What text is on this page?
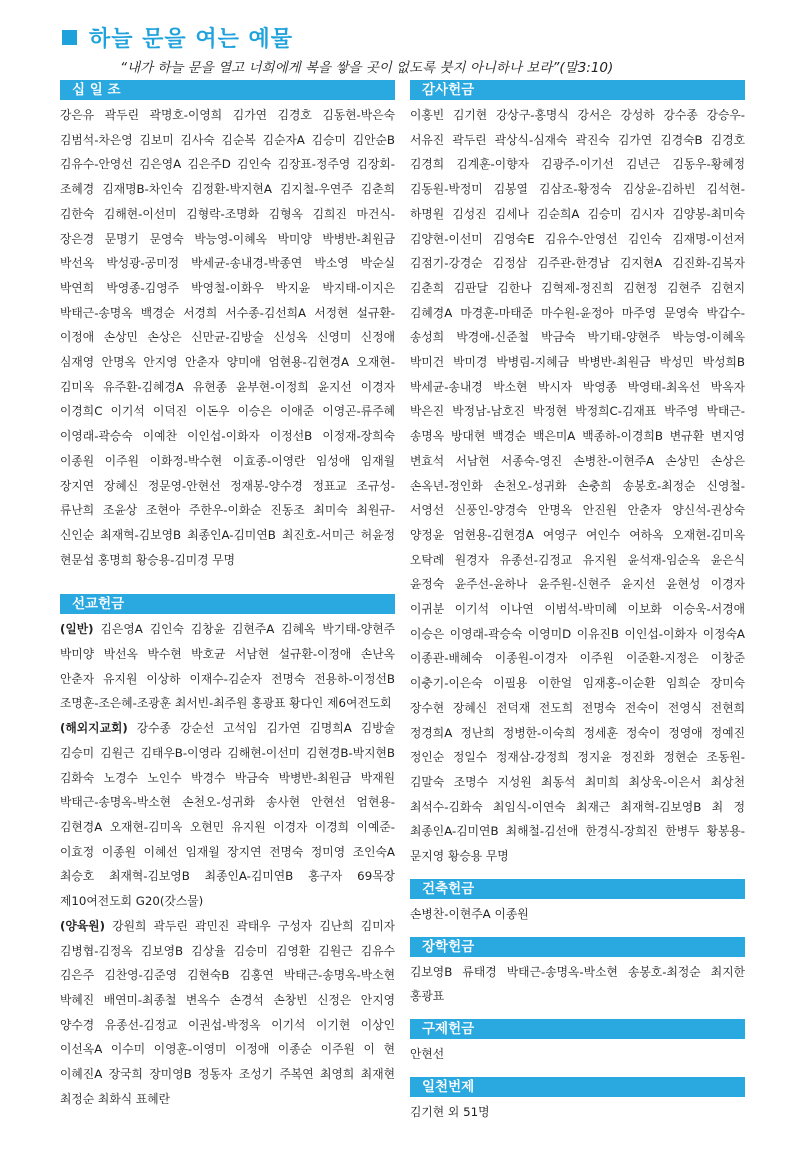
하늘 문을 여는 예물
“내가 하늘 문을 열고 너희에게 복을 쌓을 곳이 없도록 붓지 아니하나 보라”(말3:10)
십 일 조

강은유 곽두린 곽명호-이영희 김가연 김경호 김동현-박은숙 김범석-차은영 김보미 김사숙 김순복 김순자A 김승미 김안순B 김유수-안영선 김은영A 김은주D 김인숙 김장표-정주영 김장회-조혜경 김재명B-차인숙 김정환-박지현A 김지철-우연주 김춘희 김한숙 김해현-이선미 김형락-조명화 김형옥 김희진 마건식-장은경 문명기 문영숙 박능영-이혜옥 박미양 박병반-최원금 박선옥 박성광-공미정 박세균-송내경-박종연 박소영 박순실 박연희 박영종-김영주 박영철-이화우 박지윤 박지태-이지은 박태근-송명옥 백경순 서경희 서수종-김선희A 서정현 설규환-이정애 손상민 손상은 신만균-김방술 신성옥 신영미 신정애 심재영 안명옥 안지영 안춘자 양미애 엄현용-김현경A 오재현-김미옥 유주환-김혜경A 유현종 윤부현-이정희 윤지선 이경자 이경희C 이기석 이덕진 이돈우 이승은 이애준 이영곤-류주혜 이영래-곽승숙 이예찬 이인섭-이화자 이정선B 이정재-장희숙 이종원 이주원 이화정-박수현 이효종-이영란 임성애 임재월 장지연 장혜신 정문영-안현선 정재봉-양수경 정표교 조규성-류난희 조윤상 조현아 주한우-이화순 진동조 최미숙 최원규-신인순 최재혁-김보영B 최종인A-김미연B 최진호-서미근 허윤정 현문섭 홍명희 황승용-김미경 무명

선교헌금

(일반) 김은영A 김인숙 김창윤 김현주A 김혜옥 박기태-양현주 박미양 박선옥 박수현 박호균 서남현 설규환-이정애 손난옥 안춘자 유지원 이상하 이재수-김순자 전명숙 전용하-이정선B 조명훈-조은혜-조광훈 최서빈-최주원 홍광표 황다인 제6여전도회

(해외지교회) 강수종 강순선 고석임 김가연 김명희A 김방술 김승미 김원근 김태우B-이영라 김해현-이선미 김현경B-박지현B 김화숙 노경수 노인수 박경수 박금숙 박병반-최원금 박재원 박태근-송명옥-박소현 손천오-성귀화 송사현 안현선 엄현용-김현경A 오재현-김미옥 오현민 유지원 이경자 이경희 이예준-이효정 이종원 이혜선 임재월 장지연 전명숙 정미영 조인숙A 최승호 최재혁-김보영B 최종인A-김미연B 홍구자 69목장 제10여전도회 G20(갓스물)

(양육원) 강원희 곽두린 곽민진 곽태우 구성자 김난희 김미자 김병협-김정옥 김보영B 김상율 김승미 김영환 김원근 김유수 김은주 김찬영-김준영 김현숙B 김홍연 박태근-송명옥-박소현 박혜진 배연미-최종철 변옥수 손경석 손창빈 신정은 안지영 양수경 유종선-김정교 이권섭-박정옥 이기석 이기현 이상인 이선옥A 이수미 이영훈-이영미 이정애 이종순 이주원 이 현 이혜진A 장국희 장미영B 정동자 조성기 주복연 최영희 최재현 최정순 최화식 표혜란

감사헌금

이홍빈 김기현 강상구-홍명식 강서은 강성하 강수종 강승우-서유진 곽두린 곽상식-심재숙 곽진숙 김가연 김경숙B 김경호 김경희 김계훈-이향자 김광주-이기선 김년근 김동우-황혜정 김동원-박정미 김봉열 김삼조-황정숙 김상윤-김하빈 김석현-하명원 김성진 김세나 김순희A 김승미 김시자 김양봉-최미숙 김양현-이선미 김영숙E 김유수-안영선 김인숙 김재명-이선저 김점기-강경순 김정삼 김주관-한경남 김지현A 김진화-김복자 김춘희 김판달 김한나 김혁제-정진희 김현정 김현주 김현지 김혜경A 마경훈-마태준 마수원-윤정아 마주영 문영숙 박갑수-송성희 박경애-신준철 박금숙 박기태-양현주 박능영-이혜옥 박미건 박미경 박병림-지혜금 박병반-최원금 박성민 박성희B 박세균-송내경 박소현 박시자 박영종 박영태-최옥선 박옥자 박은진 박정남-남호진 박정현 박정희C-김재표 박주영 박태근-송명옥 방대현 백경순 백은미A 백종하-이경희B 변규환 변지영 변효석 서남현 서종숙-영진 손병찬-이현주A 손상민 손상은 손옥년-정인화 손천오-성귀화 손충희 송봉호-최정순 신영철-서영선 신풍인-양경숙 안명옥 안진원 안춘자 양신석-권상숙 양정윤 엄현용-김현경A 여영구 여인수 여하옥 오재현-김미옥 오탁례 원경자 유종선-김정교 유지원 윤석재-임순옥 윤은식 윤정숙 윤주선-윤하나 윤주원-신현주 윤지선 윤현성 이경자 이귀분 이기석 이나연 이범석-박미혜 이보화 이승욱-서경애 이승은 이영래-곽승숙 이영미D 이유진B 이인섭-이화자 이정숙A 이종관-배혜숙 이종원-이경자 이주원 이준환-지정은 이창준 이충기-이은숙 이필용 이한얼 임재홍-이순환 임희순 장미숙 장수현 장혜신 전덕재 전도희 전명숙 전숙이 전영식 전현희 정경희A 정난희 정병한-이숙희 정세훈 정숙이 정영애 정예진 정인순 정일수 정재삼-강정희 정지윤 정진화 정현순 조동원-김말숙 조명수 지성원 최동석 최미희 최상욱-이은서 최상천 최석수-김화숙 최임식-이연숙 최재근 최재혁-김보영B 최 정 최종인A-김미연B 최해철-김선애 한경식-장희진 한병두 황봉용-문지영 황승용 무명

건축헌금

손병찬-이현주A 이종원

장학헌금

김보영B 류태경 박태근-송명옥-박소현 송봉호-최정순 최지한 홍광표

구제헌금

안현선

일천번제

김기현 외 51명
